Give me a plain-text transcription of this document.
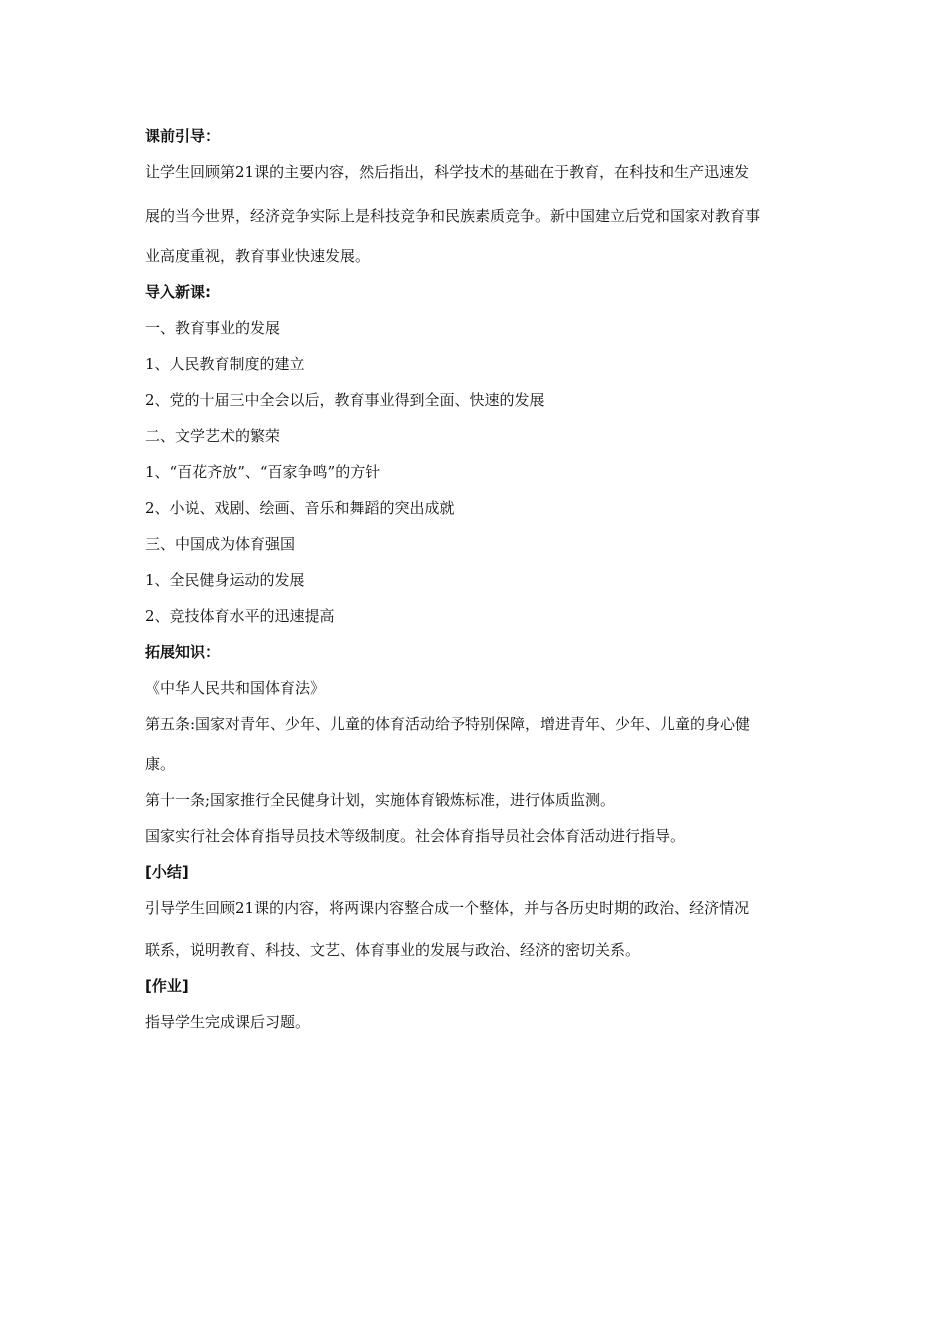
课前引导：
让学生回顾第21课的主要内容，然后指出，科学技术的基础在于教育，在科技和生产迅速发
展的当今世界，经济竞争实际上是科技竞争和民族素质竞争。新中国建立后党和国家对教育事
业高度重视，教育事业快速发展。
导入新课:
一、教育事业的发展
1、人民教育制度的建立
2、党的十届三中全会以后，教育事业得到全面、快速的发展
二、文学艺术的繁荣
1、“百花齐放”、“百家争鸣”的方针
2、小说、戏剧、绘画、音乐和舞蹈的突出成就
三、中国成为体育强国
1、全民健身运动的发展
2、竞技体育水平的迅速提高
拓展知识：
《中华人民共和国体育法》
第五条:国家对青年、少年、儿童的体育活动给予特别保障，增进青年、少年、儿童的身心健
康。
第十一条;国家推行全民健身计划，实施体育锻炼标准，进行体质监测。
国家实行社会体育指导员技术等级制度。社会体育指导员社会体育活动进行指导。
[小结]
引导学生回顾21课的内容，将两课内容整合成一个整体，并与各历史时期的政治、经济情况
联系，说明教育、科技、文艺、体育事业的发展与政治、经济的密切关系。
[作业]
指导学生完成课后习题。
